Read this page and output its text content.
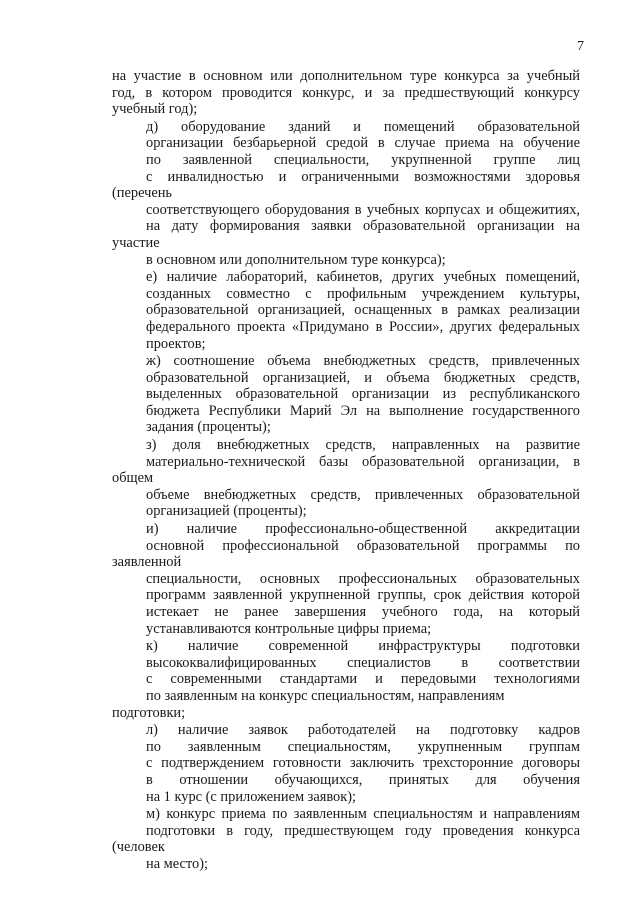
7
на участие в основном или дополнительном туре конкурса за учебный
год, в котором проводится конкурс, и за предшествующий конкурсу
учебный год);
д) оборудование зданий и помещений образовательной
организации безбарьерной средой в случае приема на обучение
по заявленной специальности, укрупненной группе лиц
с инвалидностью и ограниченными возможностями здоровья (перечень
соответствующего оборудования в учебных корпусах и общежитиях,
на дату формирования заявки образовательной организации на участие
в основном или дополнительном туре конкурса);
е) наличие лабораторий, кабинетов, других учебных помещений,
созданных совместно с профильным учреждением культуры,
образовательной организацией, оснащенных в рамках реализации
федерального проекта «Придумано в России», других федеральных
проектов;
ж) соотношение объема внебюджетных средств, привлеченных
образовательной организацией, и объема бюджетных средств,
выделенных образовательной организации из республиканского
бюджета Республики Марий Эл на выполнение государственного
задания (проценты);
з) доля внебюджетных средств, направленных на развитие
материально-технической базы образовательной организации, в общем
объеме внебюджетных средств, привлеченных образовательной
организацией (проценты);
и) наличие профессионально-общественной аккредитации
основной профессиональной образовательной программы по заявленной
специальности, основных профессиональных образовательных
программ заявленной укрупненной группы, срок действия которой
истекает не ранее завершения учебного года, на который
устанавливаются контрольные цифры приема;
к) наличие современной инфраструктуры подготовки
высококвалифицированных специалистов в соответствии
с современными стандартами и передовыми технологиями
по заявленным на конкурс специальностям, направлениям подготовки;
л) наличие заявок работодателей на подготовку кадров
по заявленным специальностям, укрупненным группам
с подтверждением готовности заключить трехсторонние договоры
в отношении обучающихся, принятых для обучения
на 1 курс (с приложением заявок);
м) конкурс приема по заявленным специальностям и направлениям
подготовки в году, предшествующем году проведения конкурса (человек
на место);
